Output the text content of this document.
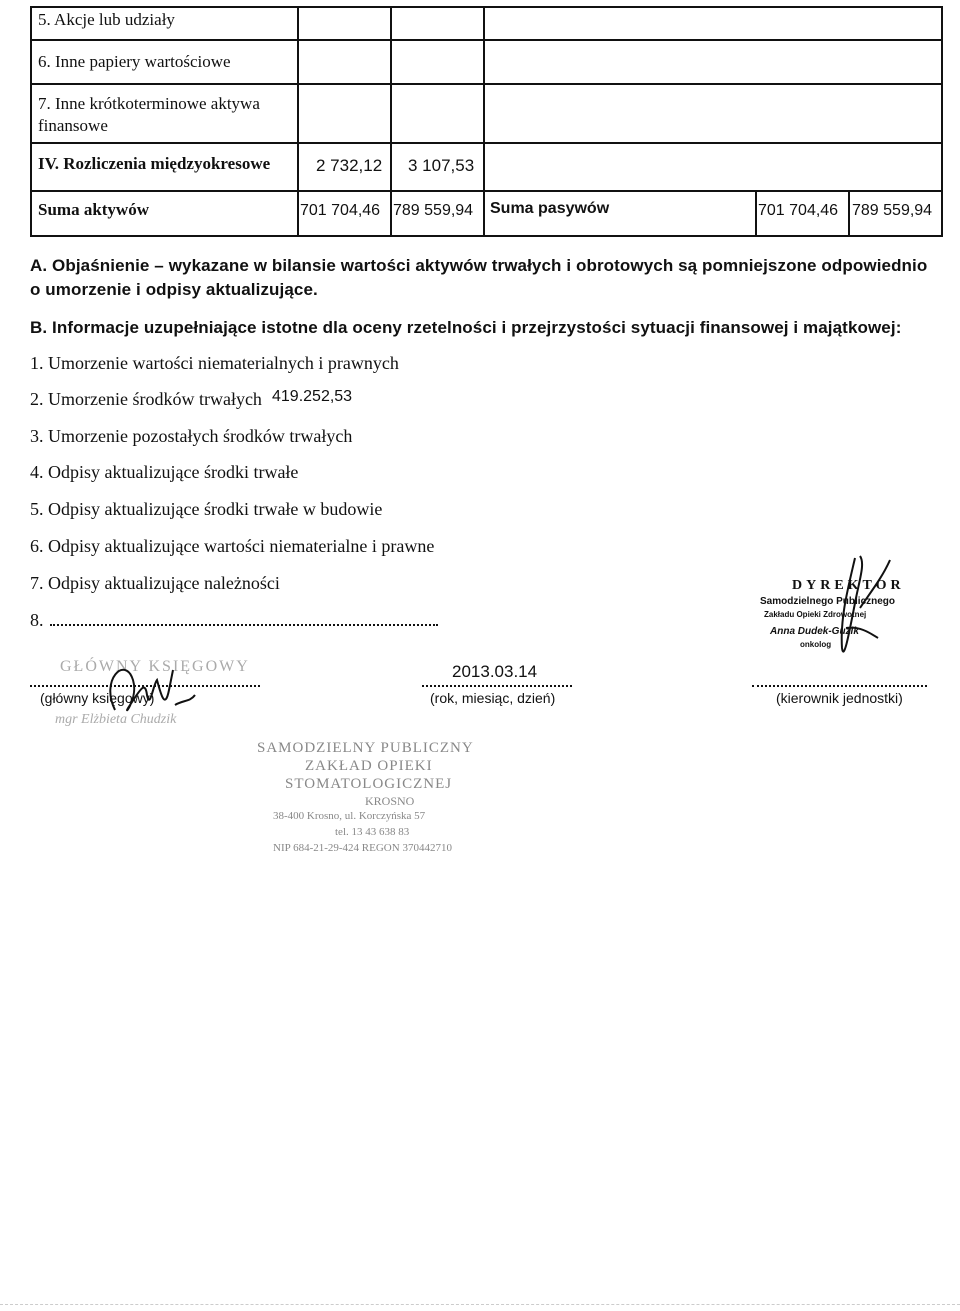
5. Akcje lub udziały
6. Inne papiery wartościowe
7. Inne krótkoterminowe aktywa
finansowe
IV. Rozliczenia międzyokresowe	2 732,12 3 107,53
Suma aktywów	701 704,46 789 559,94 Suma pasywów	701 704,46 789 559,94
A. Objaśnienie – wykazane w bilansie wartości aktywów trwałych i obrotowych są pomniejszone odpowiednio
o umorzenie i odpisy aktualizujące.
B. Informacje uzupełniające istotne dla oceny rzetelności i przejrzystości sytuacji finansowej i majątkowej:
1. Umorzenie wartości niematerialnych i prawnych
2. Umorzenie środków trwałych 419.252,53
3. Umorzenie pozostałych środków trwałych
4. Odpisy aktualizujące środki trwałe
5. Odpisy aktualizujące środki trwałe w budowie
6. Odpisy aktualizujące wartości niematerialne i prawne
7. Odpisy aktualizujące należności
8.
GŁÓWNY KSIĘGOWY
(główny księgowy)
mgr Elżbieta Chudzik
2013.03.14
(rok, miesiąc, dzień)
DYREKTOR
Samodzielnego Publicznego
Zakładu Opieki Zdrowotnej
Anna Dudek-Guzik
onkolog
(kierownik jednostki)
SAMODZIELNY PUBLICZNY
ZAKŁAD OPIEKI
STOMATOLOGICZNEJ
KROSNO
38-400 Krosno, ul. Korczyńska 57
tel. 13 43 638 83
NIP 684-21-29-424 REGON 370442710
